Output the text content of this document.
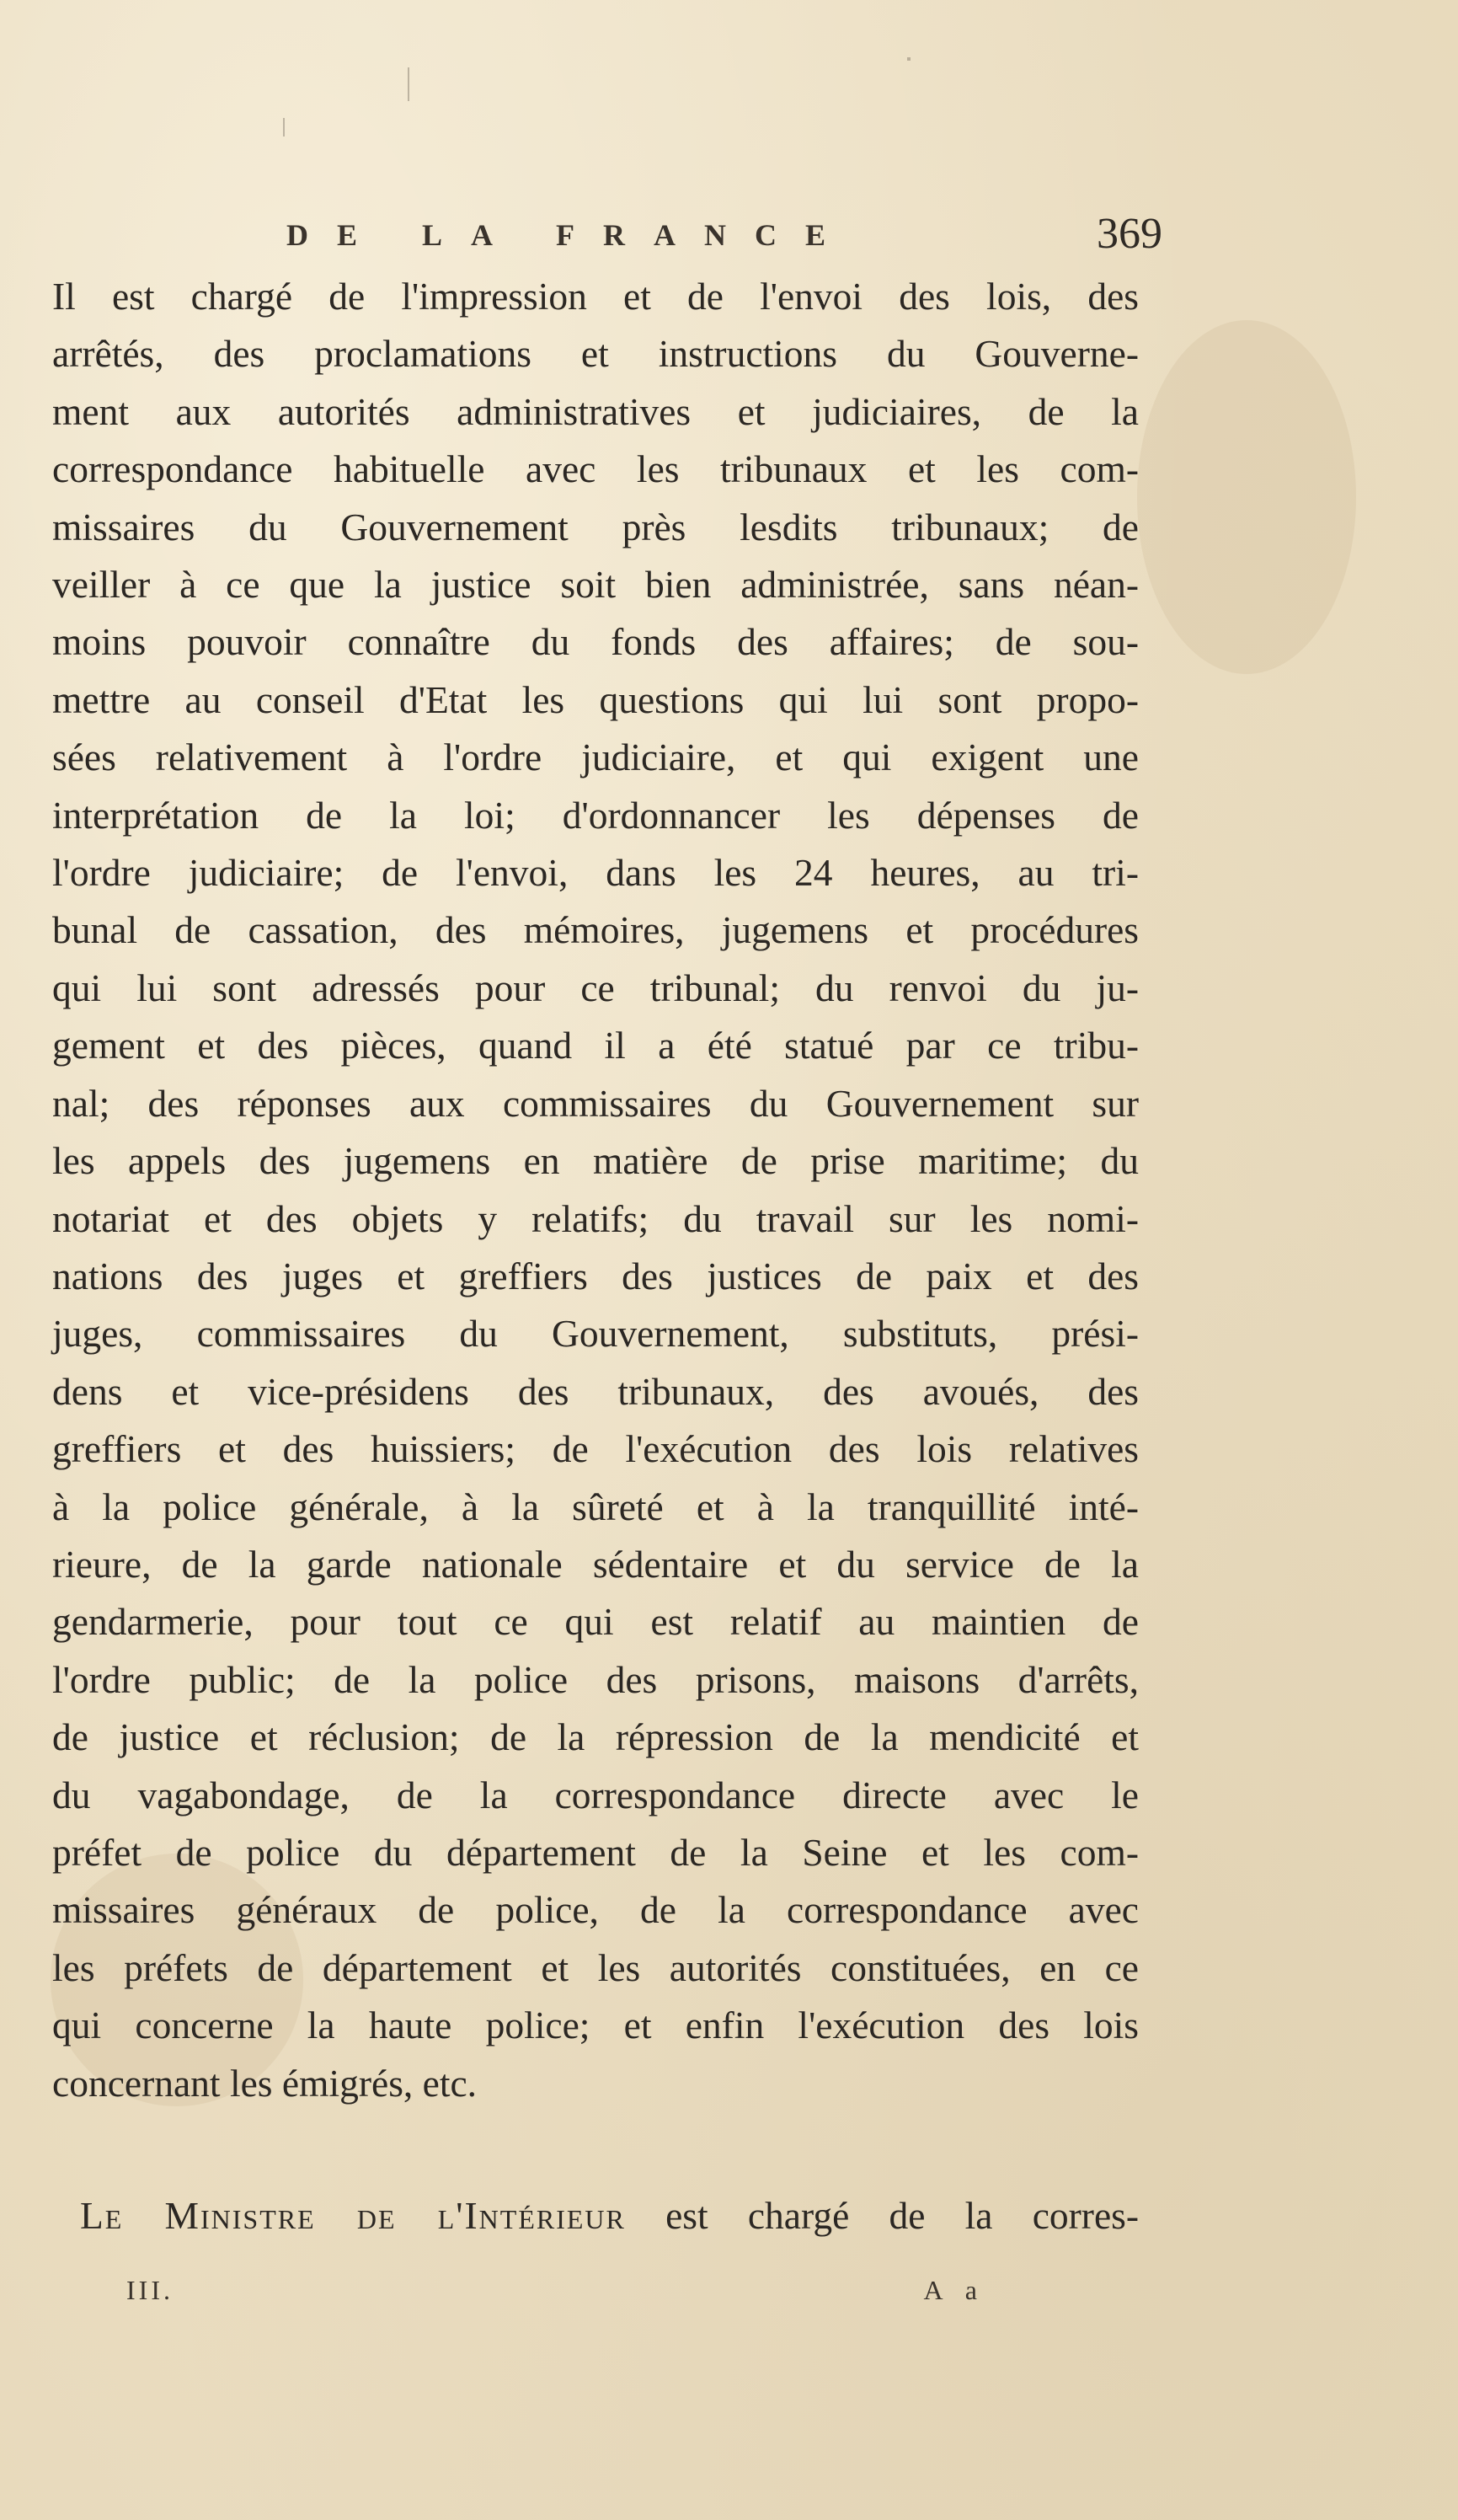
DE LA FRANCE	369
Il est chargé de l'impression et de l'envoi des lois, des
arrêtés, des proclamations et instructions du Gouverne-
ment aux autorités administratives et judiciaires, de la
correspondance habituelle avec les tribunaux et les com-
missaires du Gouvernement près lesdits tribunaux; de
veiller à ce que la justice soit bien administrée, sans néan-
moins pouvoir connaître du fonds des affaires; de sou-
mettre au conseil d'Etat les questions qui lui sont propo-
sées relativement à l'ordre judiciaire, et qui exigent une
interprétation de la loi; d'ordonnancer les dépenses de
l'ordre judiciaire; de l'envoi, dans les 24 heures, au tri-
bunal de cassation, des mémoires, jugemens et procédures
qui lui sont adressés pour ce tribunal; du renvoi du ju-
gement et des pièces, quand il a été statué par ce tribu-
nal; des réponses aux commissaires du Gouvernement sur
les appels des jugemens en matière de prise maritime; du
notariat et des objets y relatifs; du travail sur les nomi-
nations des juges et greffiers des justices de paix et des
juges, commissaires du Gouvernement, substituts, prési-
dens et vice-présidens des tribunaux, des avoués, des
greffiers et des huissiers; de l'exécution des lois relatives
à la police générale, à la sûreté et à la tranquillité inté-
rieure, de la garde nationale sédentaire et du service de la
gendarmerie, pour tout ce qui est relatif au maintien de
l'ordre public; de la police des prisons, maisons d'arrêts,
de justice et réclusion; de la répression de la mendicité et
du vagabondage, de la correspondance directe avec le
préfet de police du département de la Seine et les com-
missaires généraux de police, de la correspondance avec
les préfets de département et les autorités constituées, en ce
qui concerne la haute police; et enfin l'exécution des lois
concernant les émigrés, etc.
Le Ministre de l'Intérieur est chargé de la corres-
III.	A a
